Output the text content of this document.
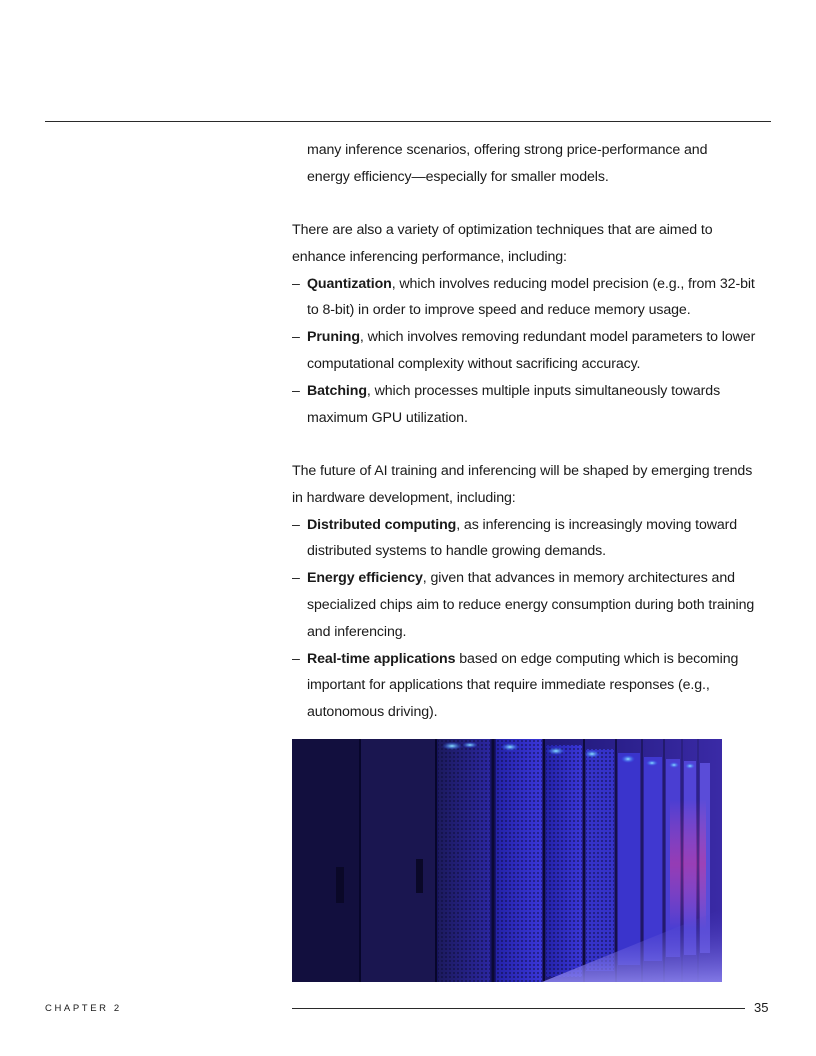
many inference scenarios, offering strong price-performance and

energy efficiency—especially for smaller models.

There are also a variety of optimization techniques that are aimed to

enhance inferencing performance, including:

– Quantization, which involves reducing model precision (e.g., from 32-bit

to 8-bit) in order to improve speed and reduce memory usage.

– Pruning, which involves removing redundant model parameters to lower

computational complexity without sacrificing accuracy.

– Batching, which processes multiple inputs simultaneously towards

maximum GPU utilization.

The future of AI training and inferencing will be shaped by emerging trends

in hardware development, including:

– Distributed computing, as inferencing is increasingly moving toward

distributed systems to handle growing demands.

– Energy efficiency, given that advances in memory architectures and

specialized chips aim to reduce energy consumption during both training

and inferencing.

– Real-time applications based on edge computing which is becoming

important for applications that require immediate responses (e.g.,

autonomous driving).

CHAPTER 2	35
